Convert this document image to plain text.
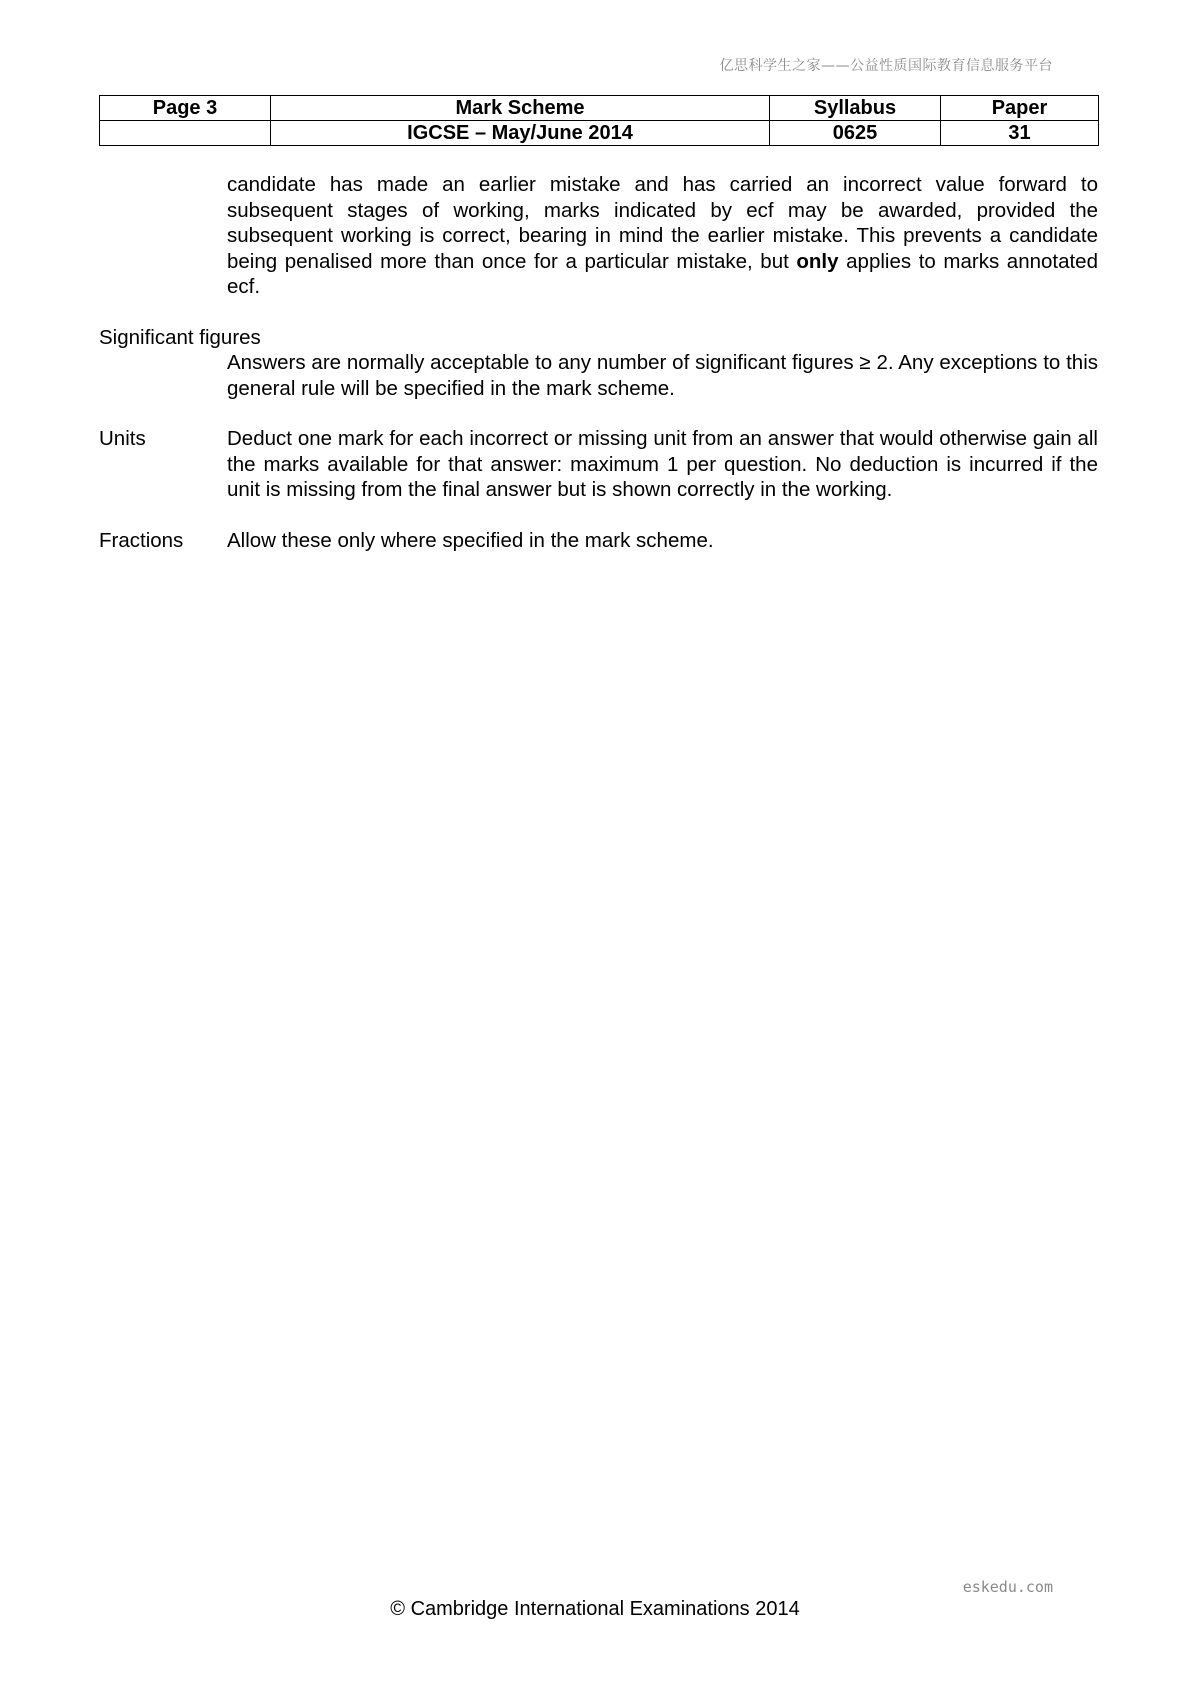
亿思科学生之家——公益性质国际教育信息服务平台
Page 3	Mark Scheme	Syllabus	Paper
	IGCSE – May/June 2014	0625	31
candidate has made an earlier mistake and has carried an incorrect value forward to subsequent stages of working, marks indicated by ecf may be awarded, provided the subsequent working is correct, bearing in mind the earlier mistake. This prevents a candidate being penalised more than once for a particular mistake, but only applies to marks annotated ecf.
Significant figures
Answers are normally acceptable to any number of significant figures ≥ 2. Any exceptions to this general rule will be specified in the mark scheme.
Units	Deduct one mark for each incorrect or missing unit from an answer that would otherwise gain all the marks available for that answer: maximum 1 per question. No deduction is incurred if the unit is missing from the final answer but is shown correctly in the working.
Fractions	Allow these only where specified in the mark scheme.
eskedu.com
© Cambridge International Examinations 2014
